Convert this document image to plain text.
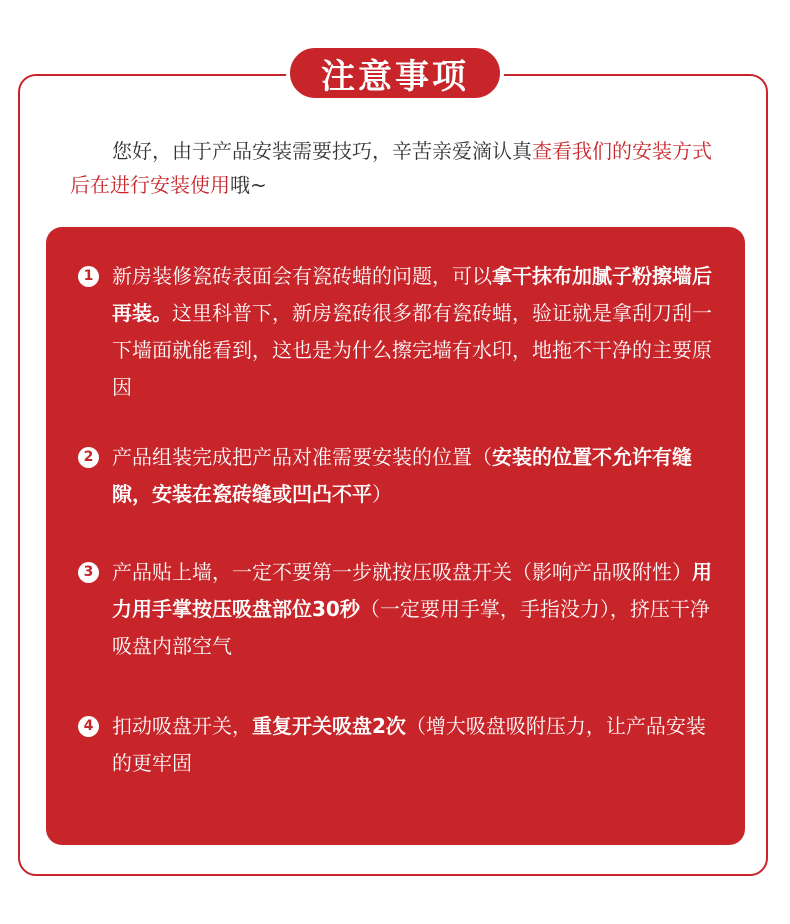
注意事项
您好，由于产品安装需要技巧，辛苦亲爱滴认真查看我们的安装方式后在进行安装使用哦~
1 新房装修瓷砖表面会有瓷砖蜡的问题，可以拿干抹布加腻子粉擦墙后再装。这里科普下，新房瓷砖很多都有瓷砖蜡，验证就是拿刮刀刮一下墙面就能看到，这也是为什么擦完墙有水印，地拖不干净的主要原因
2 产品组装完成把产品对准需要安装的位置（安装的位置不允许有缝隙，安装在瓷砖缝或凹凸不平）
3 产品贴上墙，一定不要第一步就按压吸盘开关（影响产品吸附性）用力用手掌按压吸盘部位30秒（一定要用手掌，手指没力），挤压干净吸盘内部空气
4 扣动吸盘开关，重复开关吸盘2次（增大吸盘吸附压力，让产品安装的更牢固
